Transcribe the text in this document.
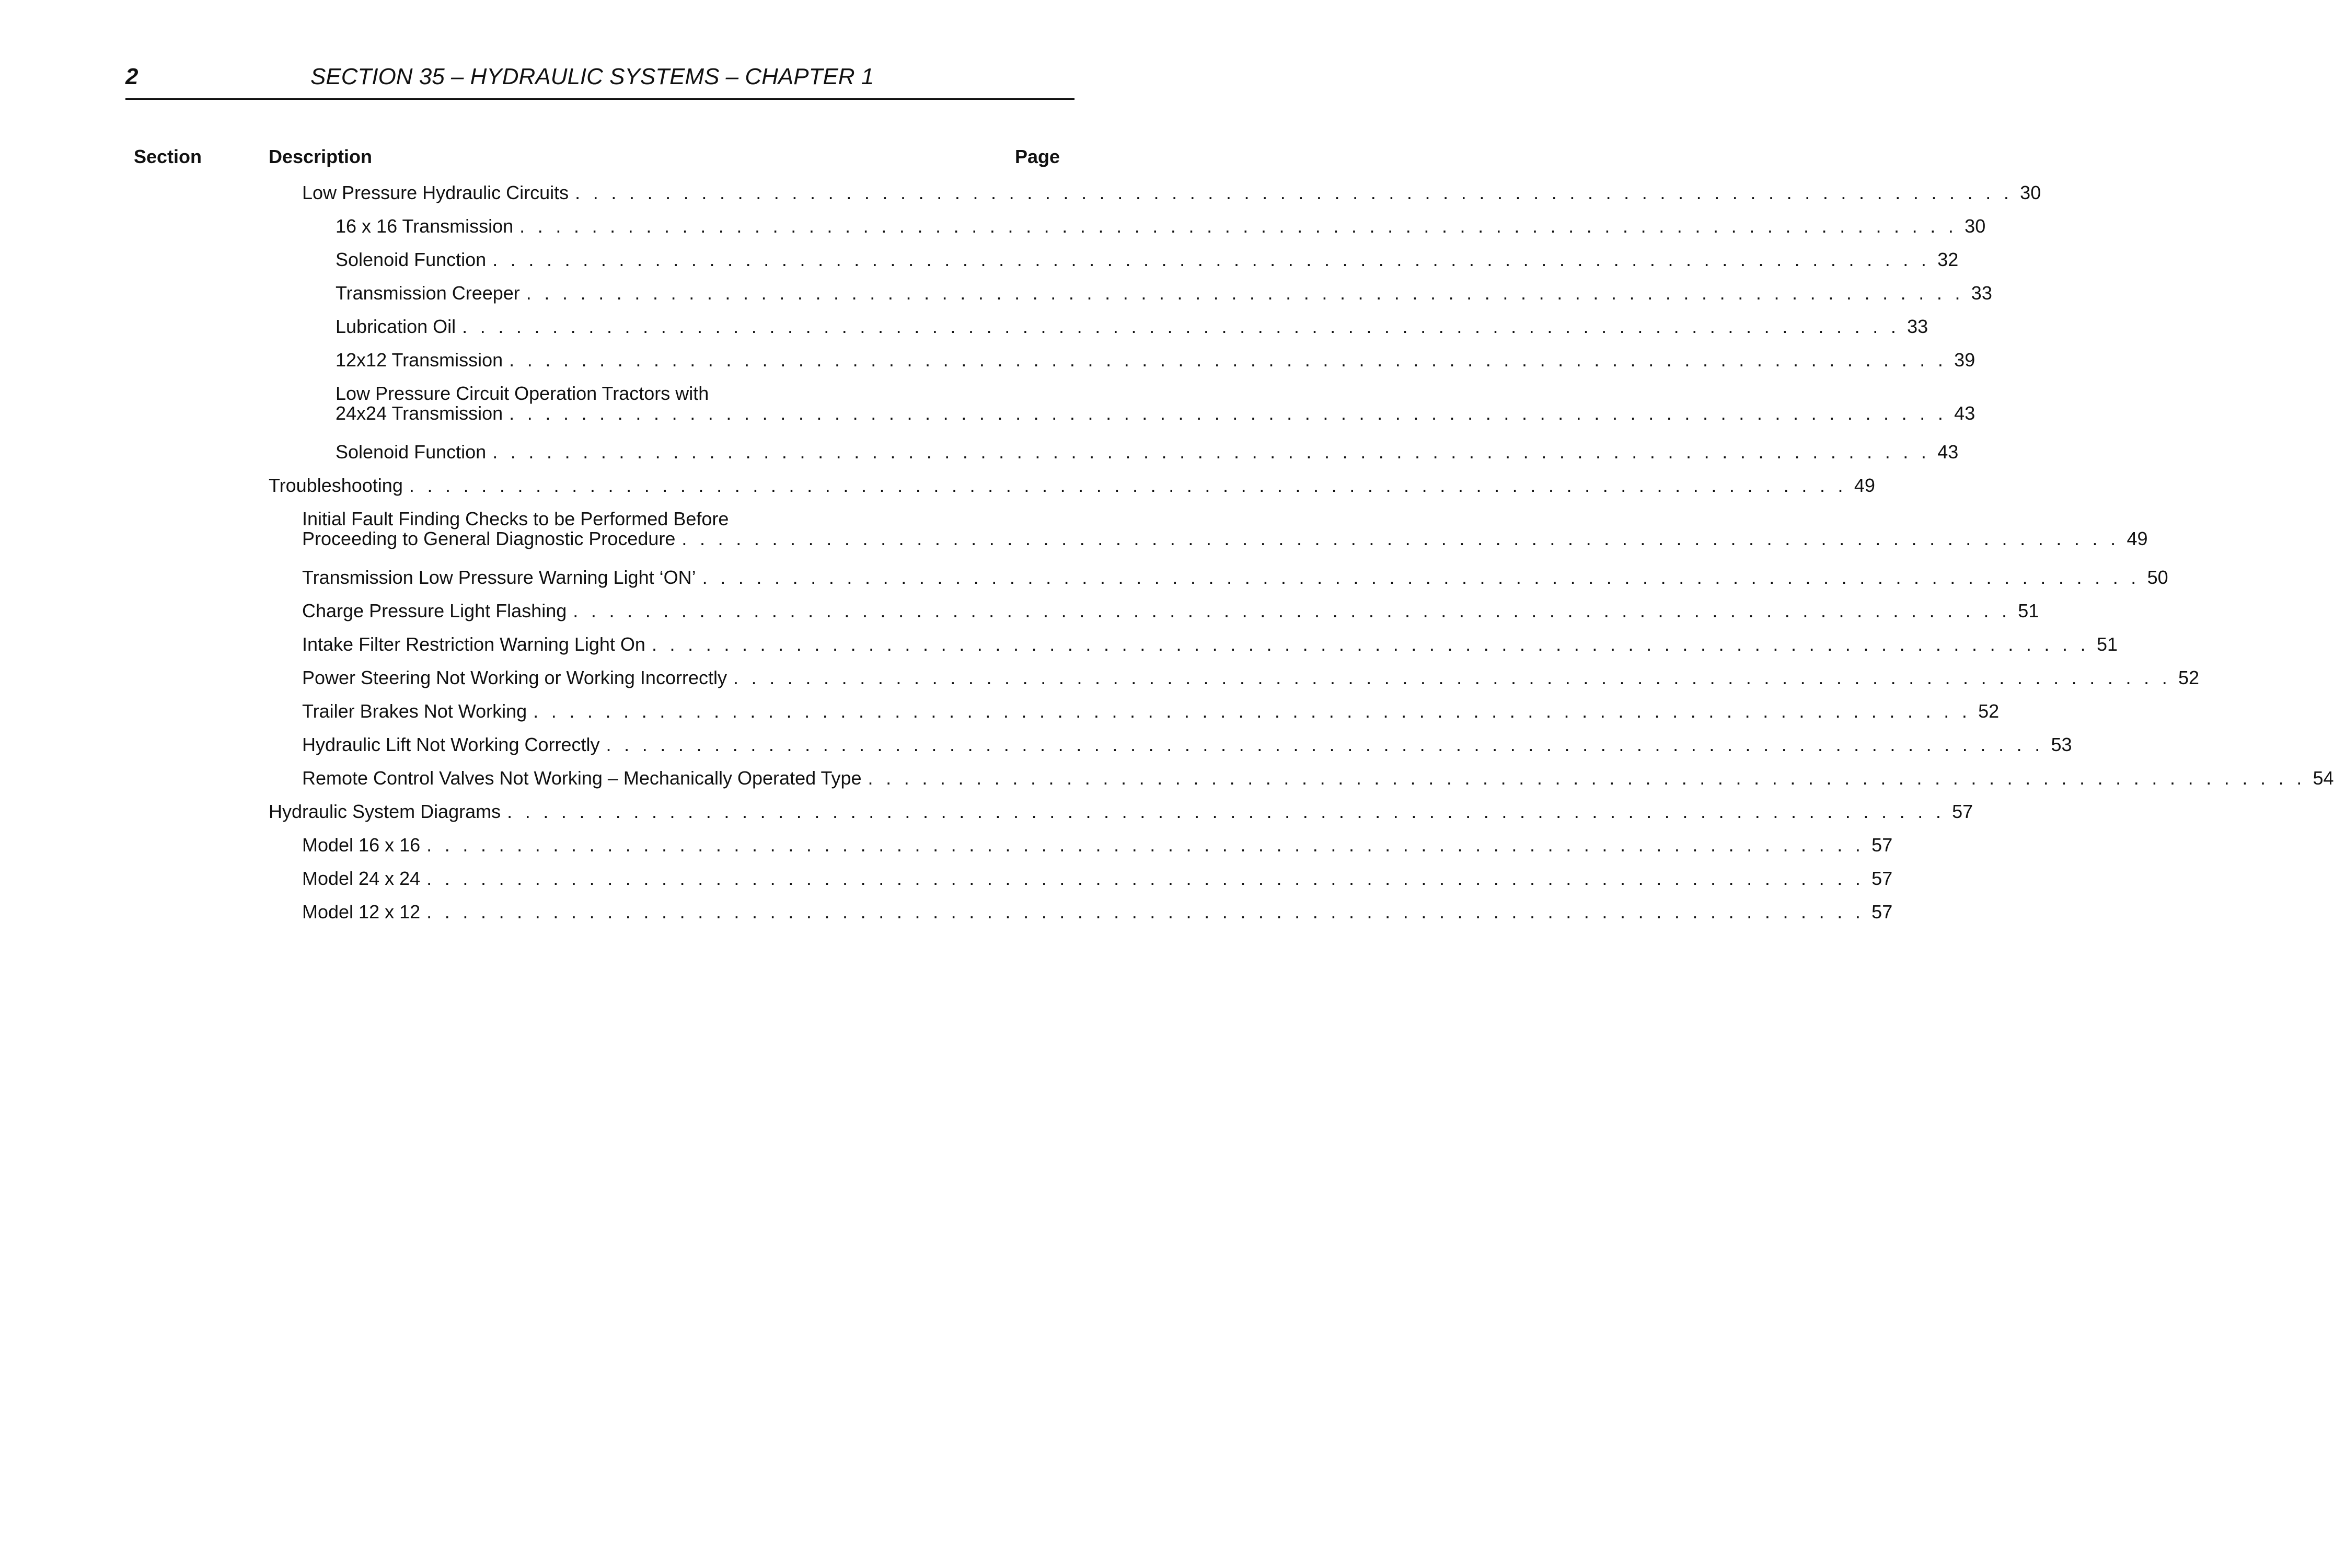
2	SECTION 35 – HYDRAULIC SYSTEMS – CHAPTER 1
Section	Description	Page
Low Pressure Hydraulic Circuits . . . . . . . . . . . . . . . . . . . . . . . . . . . . . . . . . . . . . . . . . . . . . . . . . . . . . . . . . . . . . . . . . . . . . . . . . . . . . . . . 30
16 x 16 Transmission . . . . . . . . . . . . . . . . . . . . . . . . . . . . . . . . . . . . . . . . . . . . . . . . . . . . . . . . . . . . . . . . . . . . . . . . . . . . . . . . 30
Solenoid Function . . . . . . . . . . . . . . . . . . . . . . . . . . . . . . . . . . . . . . . . . . . . . . . . . . . . . . . . . . . . . . . . . . . . . . . . . . . . . . . . 32
Transmission Creeper . . . . . . . . . . . . . . . . . . . . . . . . . . . . . . . . . . . . . . . . . . . . . . . . . . . . . . . . . . . . . . . . . . . . . . . . . . . . . . . . 33
Lubrication Oil . . . . . . . . . . . . . . . . . . . . . . . . . . . . . . . . . . . . . . . . . . . . . . . . . . . . . . . . . . . . . . . . . . . . . . . . . . . . . . . . 33
12x12 Transmission . . . . . . . . . . . . . . . . . . . . . . . . . . . . . . . . . . . . . . . . . . . . . . . . . . . . . . . . . . . . . . . . . . . . . . . . . . . . . . . . 39
Low Pressure Circuit Operation Tractors with
24x24 Transmission . . . . . . . . . . . . . . . . . . . . . . . . . . . . . . . . . . . . . . . . . . . . . . . . . . . . . . . . . . . . . . . . . . . . . . . . . . . . . . . . 43
Solenoid Function . . . . . . . . . . . . . . . . . . . . . . . . . . . . . . . . . . . . . . . . . . . . . . . . . . . . . . . . . . . . . . . . . . . . . . . . . . . . . . . . 43
Troubleshooting . . . . . . . . . . . . . . . . . . . . . . . . . . . . . . . . . . . . . . . . . . . . . . . . . . . . . . . . . . . . . . . . . . . . . . . . . . . . . . . . 49
Initial Fault Finding Checks to be Performed Before
Proceeding to General Diagnostic Procedure . . . . . . . . . . . . . . . . . . . . . . . . . . . . . . . . . . . . . . . . . . . . . . . . . . . . . . . . . . . . . . . . . . . . . . . . . . . . . . . . 49
Transmission Low Pressure Warning Light ‘ON’ . . . . . . . . . . . . . . . . . . . . . . . . . . . . . . . . . . . . . . . . . . . . . . . . . . . . . . . . . . . . . . . . . . . . . . . . . . . . . . . . 50
Charge Pressure Light Flashing . . . . . . . . . . . . . . . . . . . . . . . . . . . . . . . . . . . . . . . . . . . . . . . . . . . . . . . . . . . . . . . . . . . . . . . . . . . . . . . . 51
Intake Filter Restriction Warning Light On . . . . . . . . . . . . . . . . . . . . . . . . . . . . . . . . . . . . . . . . . . . . . . . . . . . . . . . . . . . . . . . . . . . . . . . . . . . . . . . . 51
Power Steering Not Working or Working Incorrectly . . . . . . . . . . . . . . . . . . . . . . . . . . . . . . . . . . . . . . . . . . . . . . . . . . . . . . . . . . . . . . . . . . . . . . . . . . . . . . . . 52
Trailer Brakes Not Working . . . . . . . . . . . . . . . . . . . . . . . . . . . . . . . . . . . . . . . . . . . . . . . . . . . . . . . . . . . . . . . . . . . . . . . . . . . . . . . . 52
Hydraulic Lift Not Working Correctly . . . . . . . . . . . . . . . . . . . . . . . . . . . . . . . . . . . . . . . . . . . . . . . . . . . . . . . . . . . . . . . . . . . . . . . . . . . . . . . . 53
Remote Control Valves Not Working – Mechanically Operated Type . . . . . . . . . . . . . . . . . . . . . . . . . . . . . . . . . . . . . . . . . . . . . . . . . . . . . . . . . . . . . . . . . . . . . . . . . . . . . . . . 54
Hydraulic System Diagrams . . . . . . . . . . . . . . . . . . . . . . . . . . . . . . . . . . . . . . . . . . . . . . . . . . . . . . . . . . . . . . . . . . . . . . . . . . . . . . . . 57
Model 16 x 16 . . . . . . . . . . . . . . . . . . . . . . . . . . . . . . . . . . . . . . . . . . . . . . . . . . . . . . . . . . . . . . . . . . . . . . . . . . . . . . . . 57
Model 24 x 24 . . . . . . . . . . . . . . . . . . . . . . . . . . . . . . . . . . . . . . . . . . . . . . . . . . . . . . . . . . . . . . . . . . . . . . . . . . . . . . . . 57
Model 12 x 12 . . . . . . . . . . . . . . . . . . . . . . . . . . . . . . . . . . . . . . . . . . . . . . . . . . . . . . . . . . . . . . . . . . . . . . . . . . . . . . . . 57
